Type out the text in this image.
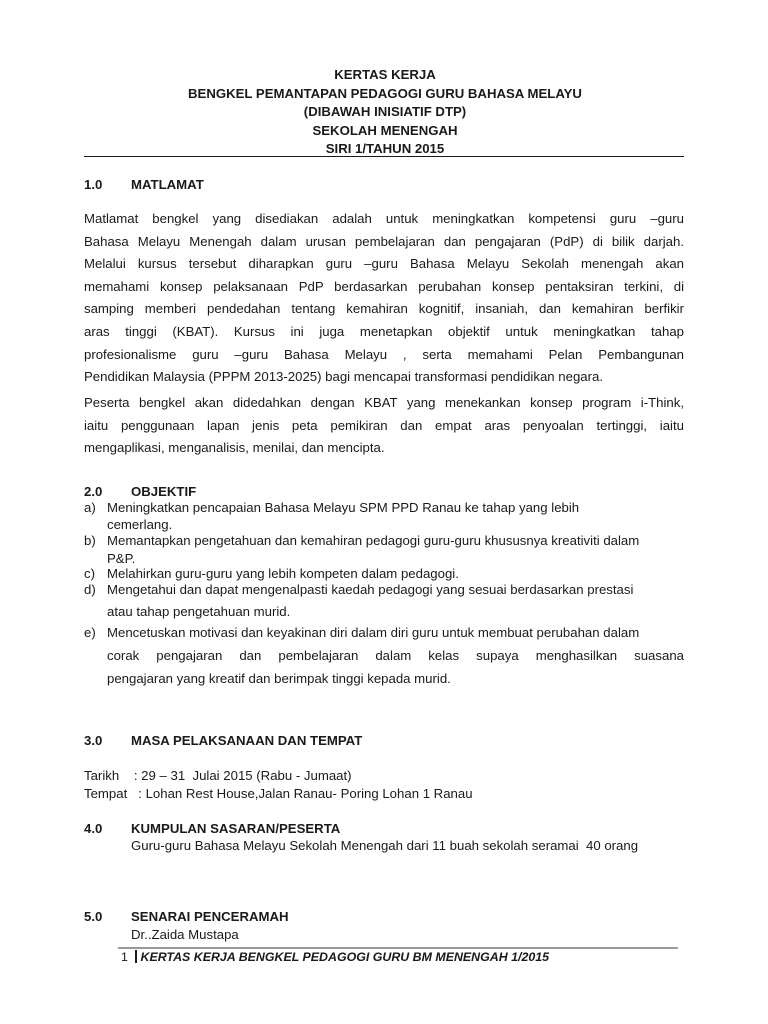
KERTAS KERJA
BENGKEL PEMANTAPAN PEDAGOGI GURU BAHASA MELAYU
(DIBAWAH INISIATIF DTP)
SEKOLAH MENENGAH
SIRI 1/TAHUN 2015
1.0 MATLAMAT
Matlamat bengkel yang disediakan adalah untuk meningkatkan kompetensi guru –guru
Bahasa Melayu Menengah dalam urusan pembelajaran dan pengajaran (PdP) di bilik darjah.
Melalui kursus tersebut diharapkan guru –guru Bahasa Melayu Sekolah menengah akan
memahami konsep pelaksanaan PdP berdasarkan perubahan konsep pentaksiran terkini, di
samping memberi pendedahan tentang kemahiran kognitif, insaniah, dan kemahiran berfikir
aras tinggi (KBAT). Kursus ini juga menetapkan objektif untuk meningkatkan tahap
profesionalisme guru –guru Bahasa Melayu , serta memahami Pelan Pembangunan
Pendidikan Malaysia (PPPM 2013-2025) bagi mencapai transformasi pendidikan negara.
Peserta bengkel akan didedahkan dengan KBAT yang menekankan konsep program i-Think,
iaitu penggunaan lapan jenis peta pemikiran dan empat aras penyoalan tertinggi, iaitu
mengaplikasi, menganalisis, menilai, dan mencipta.
2.0 OBJEKTIF
a) Meningkatkan pencapaian Bahasa Melayu SPM PPD Ranau ke tahap yang lebih
cemerlang.
b) Memantapkan pengetahuan dan kemahiran pedagogi guru-guru khususnya kreativiti dalam
P&P.
c) Melahirkan guru-guru yang lebih kompeten dalam pedagogi.
d) Mengetahui dan dapat mengenalpasti kaedah pedagogi yang sesuai berdasarkan prestasi
atau tahap pengetahuan murid.
e) Mencetuskan motivasi dan keyakinan diri dalam diri guru untuk membuat perubahan dalam
corak pengajaran dan pembelajaran dalam kelas supaya menghasilkan suasana
pengajaran yang kreatif dan berimpak tinggi kepada murid.
3.0 MASA PELAKSANAAN DAN TEMPAT
Tarikh    : 29 – 31  Julai 2015 (Rabu - Jumaat)
Tempat   : Lohan Rest House,Jalan Ranau- Poring Lohan 1 Ranau
4.0 KUMPULAN SASARAN/PESERTA
Guru-guru Bahasa Melayu Sekolah Menengah dari 11 buah sekolah seramai  40 orang
5.0 SENARAI PENCERAMAH
Dr..Zaida Mustapa
1 KERTAS KERJA BENGKEL PEDAGOGI GURU BM MENENGAH 1/2015
